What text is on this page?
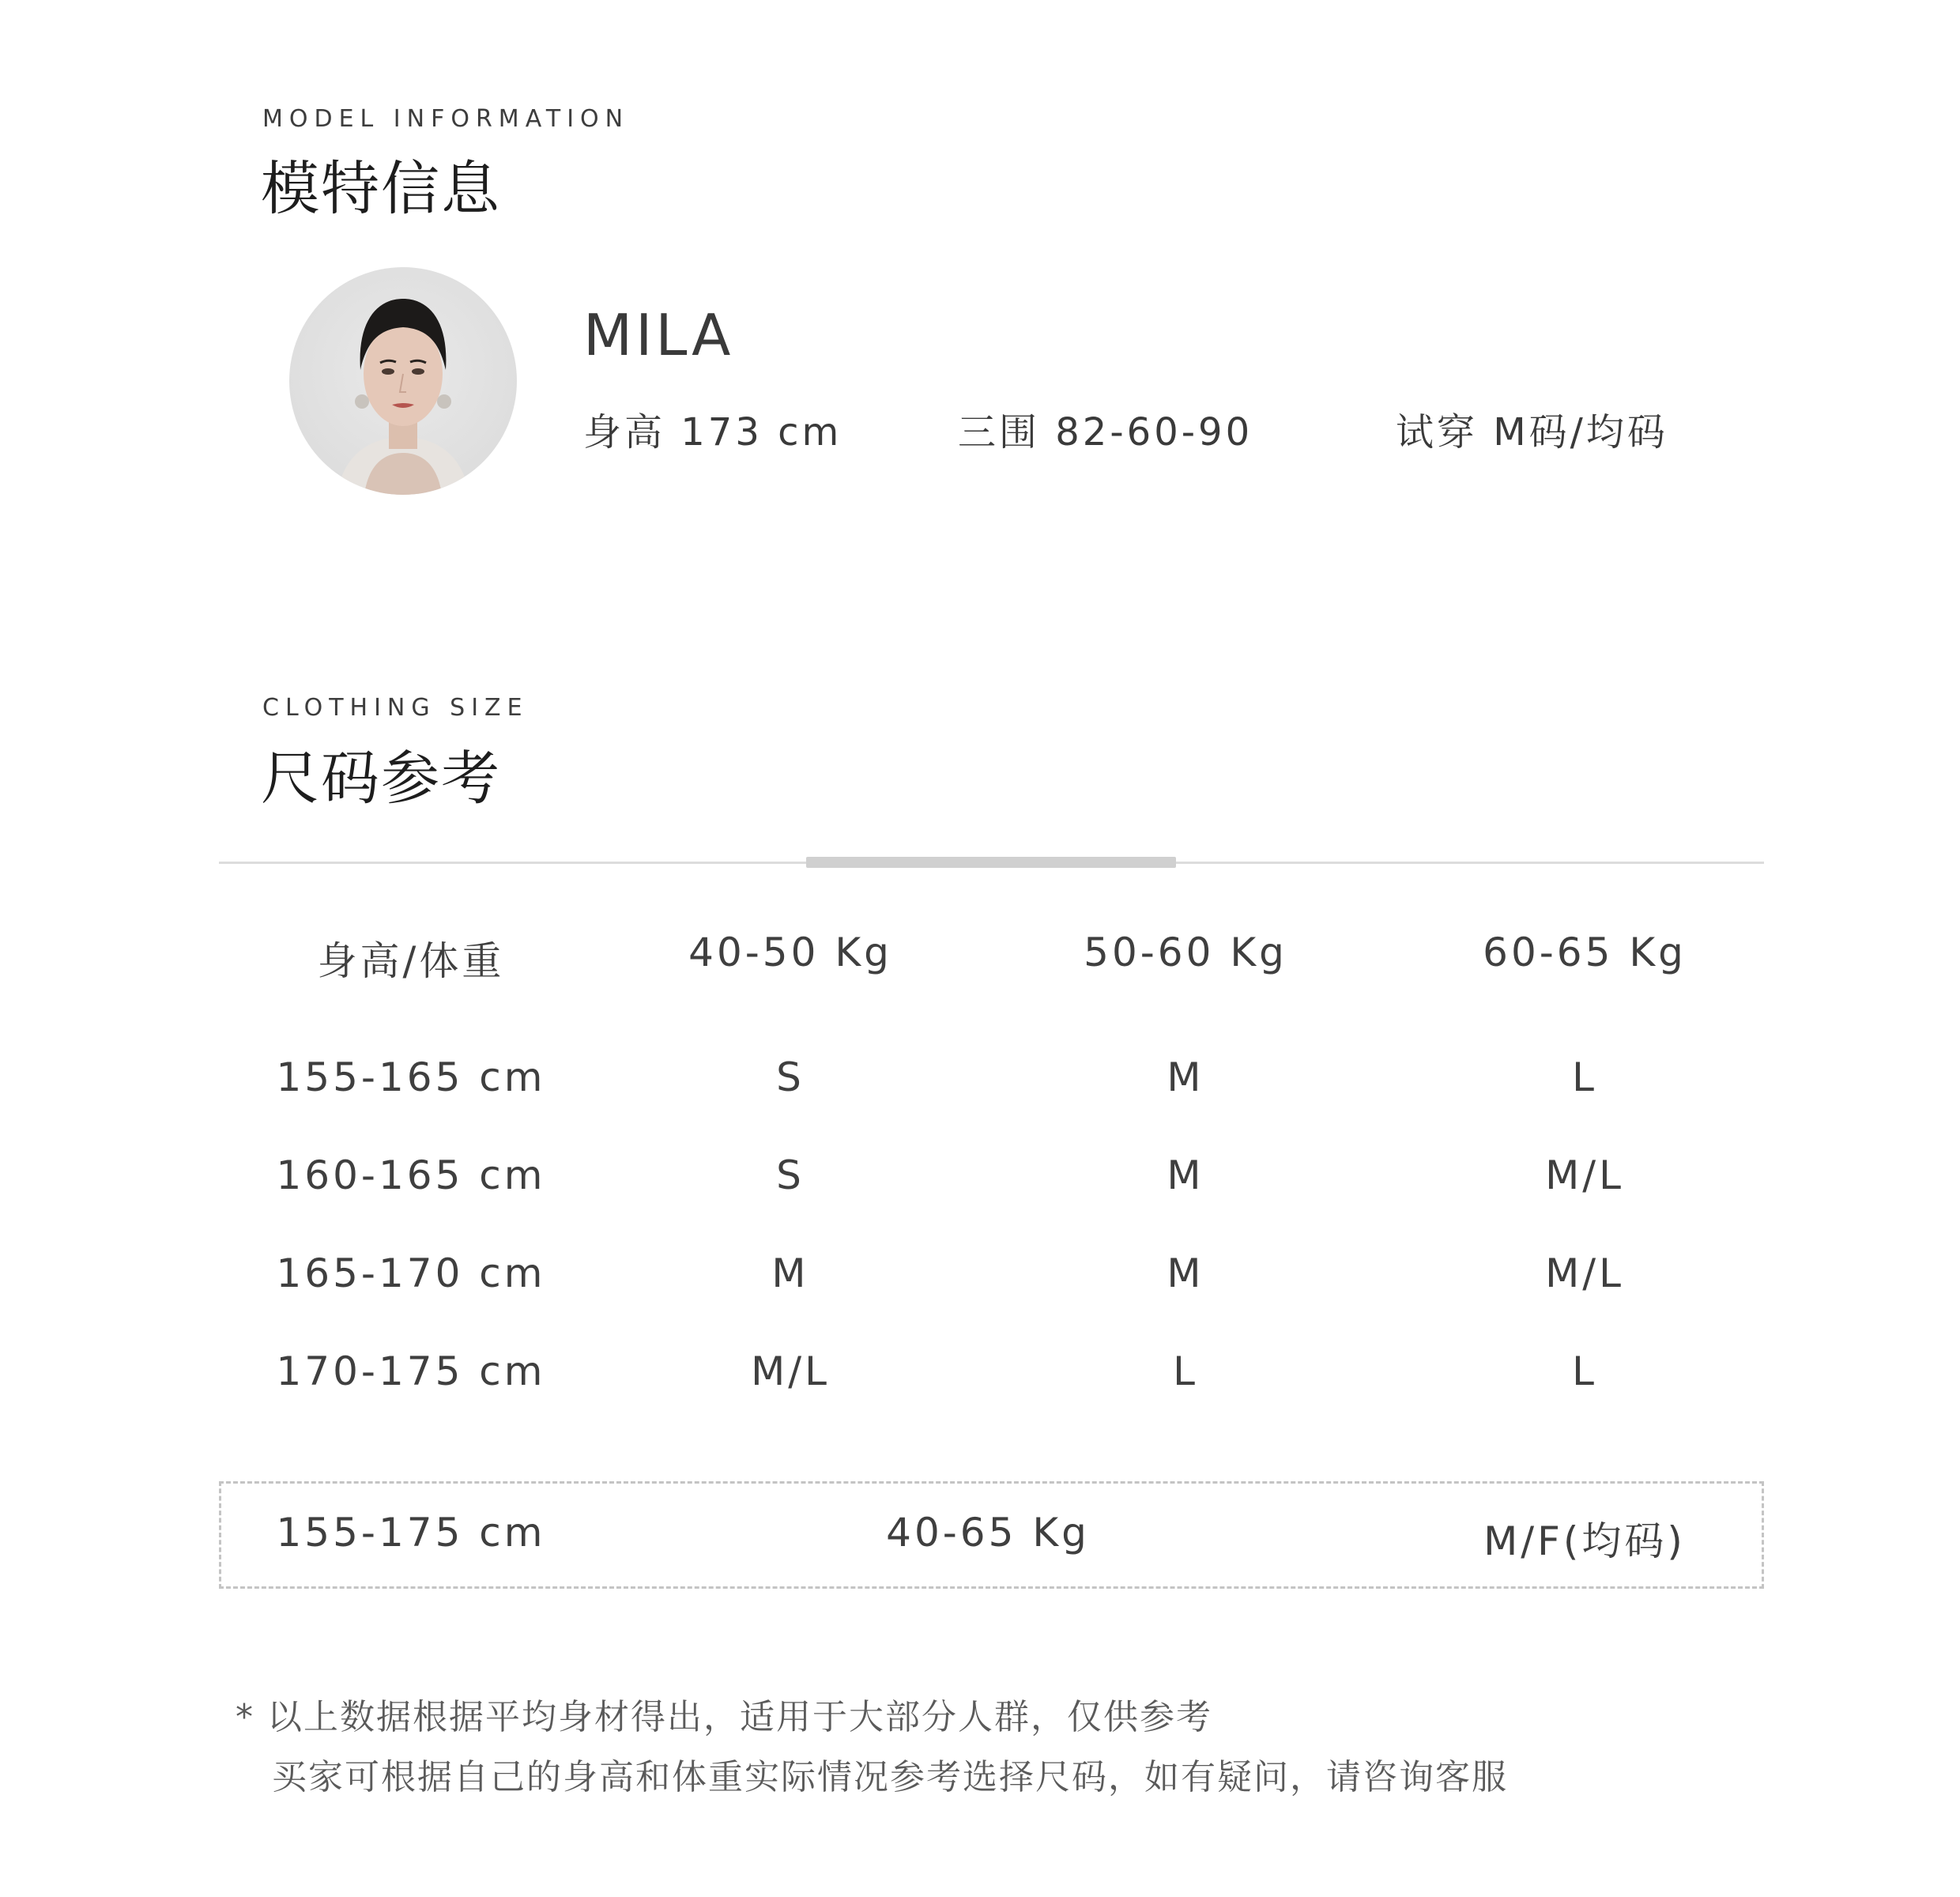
MODEL INFORMATION
模特信息
MILA
身高 173 cm	三围 82-60-90	试穿 M码/均码
CLOTHING SIZE
尺码参考
身高/体重	40-50 Kg	50-60 Kg	60-65 Kg
155-165 cm	S	M	L
160-165 cm	S	M	M/L
165-170 cm	M	M	M/L
170-175 cm	M/L	L	L
155-175 cm	40-65 Kg	M/F(均码)
* 以上数据根据平均身材得出，适用于大部分人群，仅供参考
买家可根据自己的身高和体重实际情况参考选择尺码，如有疑问，请咨询客服
